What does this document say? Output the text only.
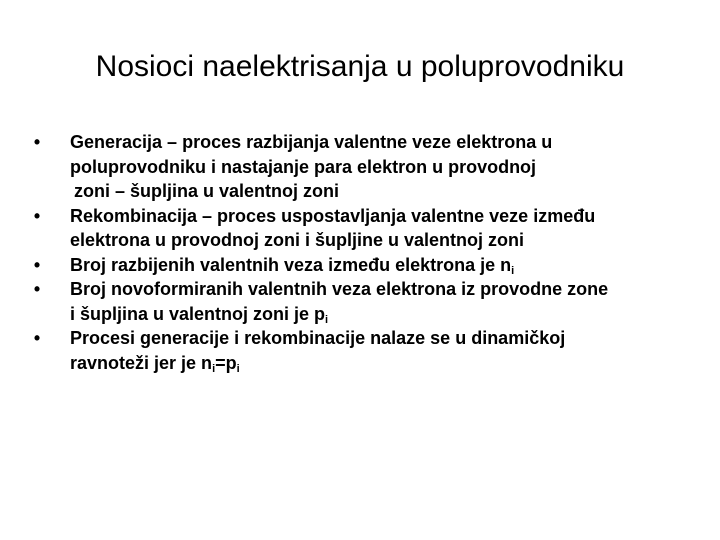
Nosioci naelektrisanja u poluprovodniku
• Generacija – proces razbijanja valentne veze elektrona u
poluprovodniku i nastajanje para elektron u provodnoj
zoni – šupljina u valentnoj zoni
• Rekombinacija – proces uspostavljanja valentne veze između
elektrona u provodnoj zoni i šupljine u valentnoj zoni
• Broj razbijenih valentnih veza između elektrona je $n_i$
• Broj novoformiranih valentnih veza elektrona iz provodne zone
i šupljina u valentnoj zoni je $p_i$
• Procesi generacije i rekombinacije nalaze se u dinamičkoj
ravnoteži jer je $n_i=p_i$
